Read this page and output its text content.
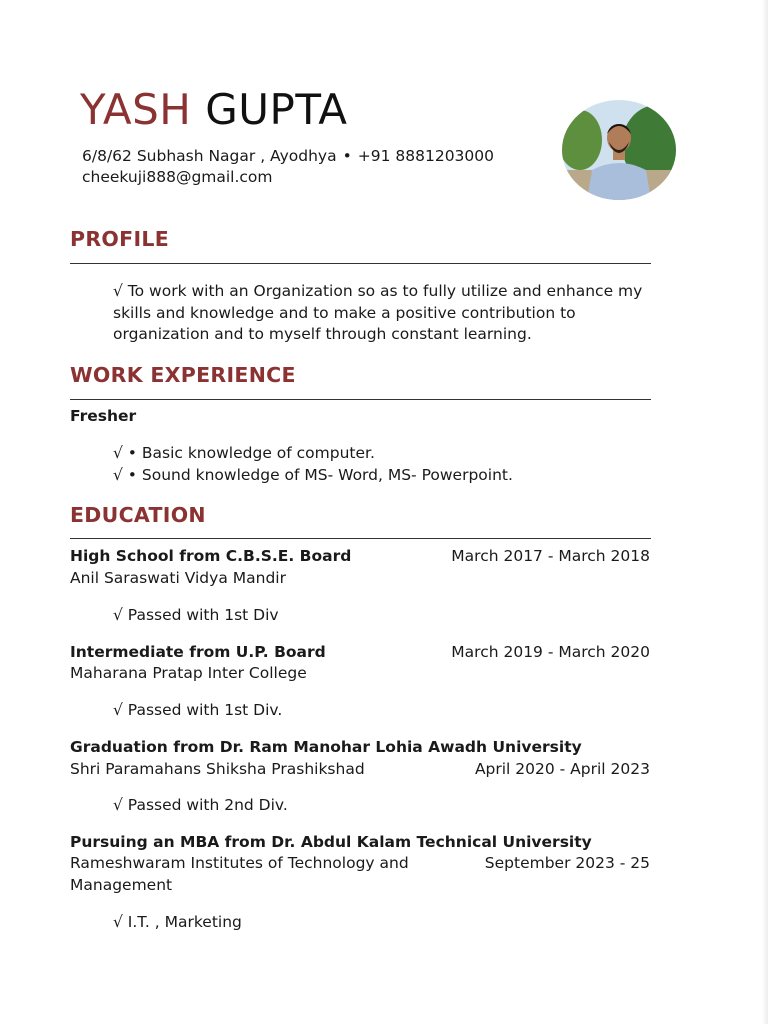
YASH GUPTA
6/8/62 Subhash Nagar , Ayodhya • +91 8881203000
cheekuji888@gmail.com
PROFILE
√ To work with an Organization so as to fully utilize and enhance my skills and knowledge and to make a positive contribution to organization and to myself through constant learning.
WORK EXPERIENCE
Fresher
√ • Basic knowledge of computer.
√ • Sound knowledge of MS- Word, MS- Powerpoint.
EDUCATION
High School from C.B.S.E. Board	March 2017 - March 2018
Anil Saraswati Vidya Mandir
√ Passed with 1st Div
Intermediate from U.P. Board	March 2019 - March 2020
Maharana Pratap Inter College
√ Passed with 1st Div.
Graduation from Dr. Ram Manohar Lohia Awadh University
Shri Paramahans Shiksha Prashikshad	April 2020 - April 2023
√ Passed with 2nd Div.
Pursuing an MBA from Dr. Abdul Kalam Technical University
Rameshwaram Institutes of Technology and	September 2023 - 25
Management
√ I.T. , Marketing
